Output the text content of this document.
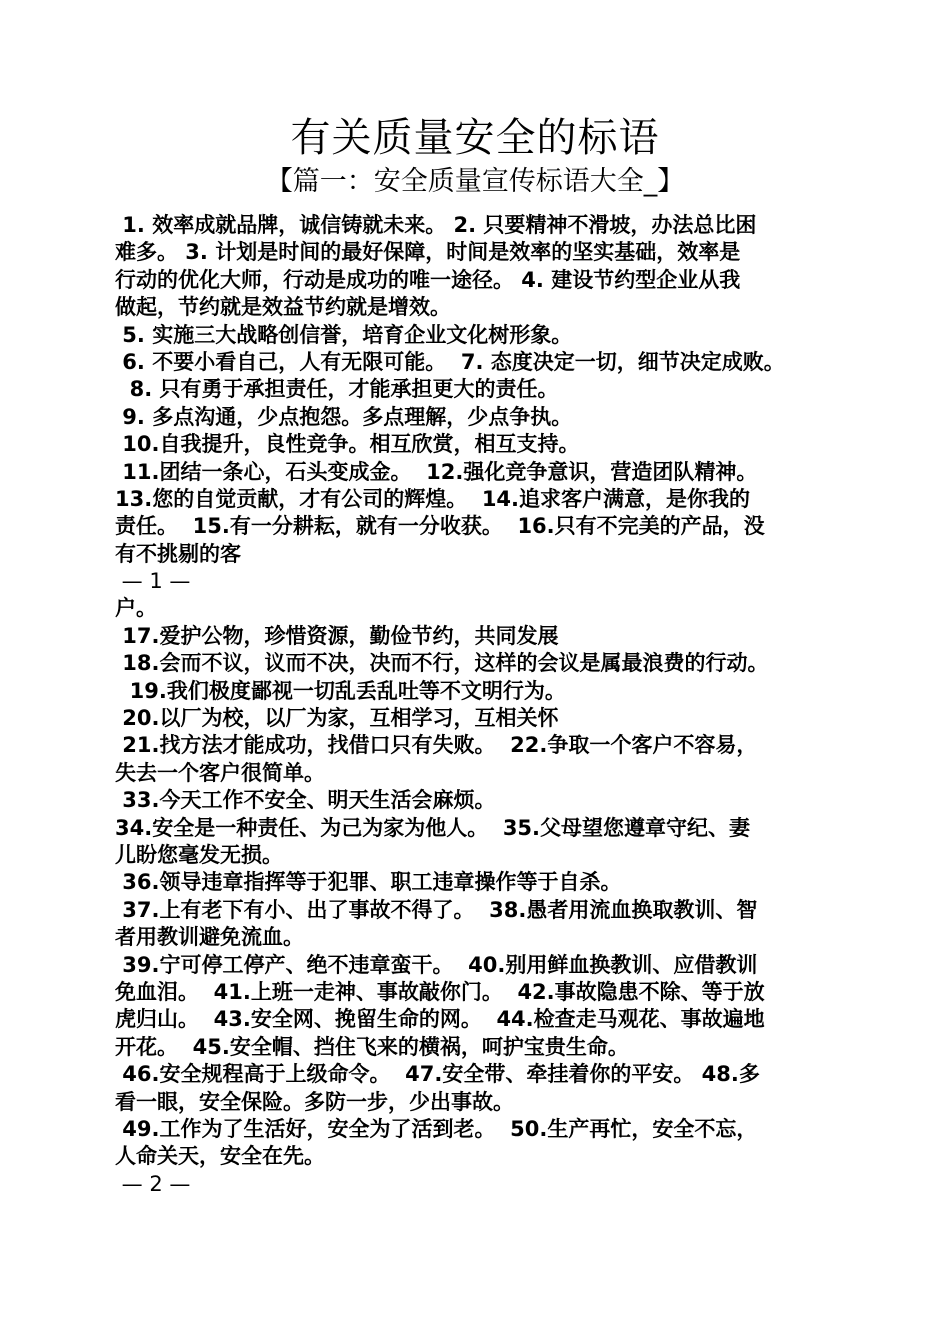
有关质量安全的标语
【篇一：安全质量宣传标语大全_】
1. 效率成就品牌，诚信铸就未来。 2. 只要精神不滑坡，办法总比困
难多。 3. 计划是时间的最好保障，时间是效率的坚实基础，效率是
行动的优化大师，行动是成功的唯一途径。 4. 建设节约型企业从我
做起，节约就是效益节约就是增效。
5. 实施三大战略创信誉，培育企业文化树形象。
6. 不要小看自己，人有无限可能。  7. 态度决定一切，细节决定成败。
8. 只有勇于承担责任，才能承担更大的责任。
9. 多点沟通，少点抱怨。多点理解，少点争执。
10.自我提升，良性竞争。相互欣赏，相互支持。
11.团结一条心，石头变成金。  12.强化竞争意识，营造团队精神。
13.您的自觉贡献，才有公司的辉煌。  14.追求客户满意，是你我的
责任。  15.有一分耕耘，就有一分收获。  16.只有不完美的产品，没
有不挑剔的客
— 1 —
户。
17.爱护公物，珍惜资源，勤俭节约，共同发展
18.会而不议，议而不决，决而不行，这样的会议是属最浪费的行动。
19.我们极度鄙视一切乱丢乱吐等不文明行为。
20.以厂为校，以厂为家，互相学习，互相关怀
21.找方法才能成功，找借口只有失败。  22.争取一个客户不容易，
失去一个客户很简单。
33.今天工作不安全、明天生活会麻烦。
34.安全是一种责任、为己为家为他人。  35.父母望您遵章守纪、妻
儿盼您毫发无损。
36.领导违章指挥等于犯罪、职工违章操作等于自杀。
37.上有老下有小、出了事故不得了。  38.愚者用流血换取教训、智
者用教训避免流血。
39.宁可停工停产、绝不违章蛮干。  40.别用鲜血换教训、应借教训
免血泪。  41.上班一走神、事故敲你门。  42.事故隐患不除、等于放
虎归山。  43.安全网、挽留生命的网。  44.检查走马观花、事故遍地
开花。  45.安全帽、挡住飞来的横祸，呵护宝贵生命。
46.安全规程高于上级命令。  47.安全带、牵挂着你的平安。 48.多
看一眼，安全保险。多防一步，少出事故。
49.工作为了生活好，安全为了活到老。  50.生产再忙，安全不忘，
人命关天，安全在先。
— 2 —
